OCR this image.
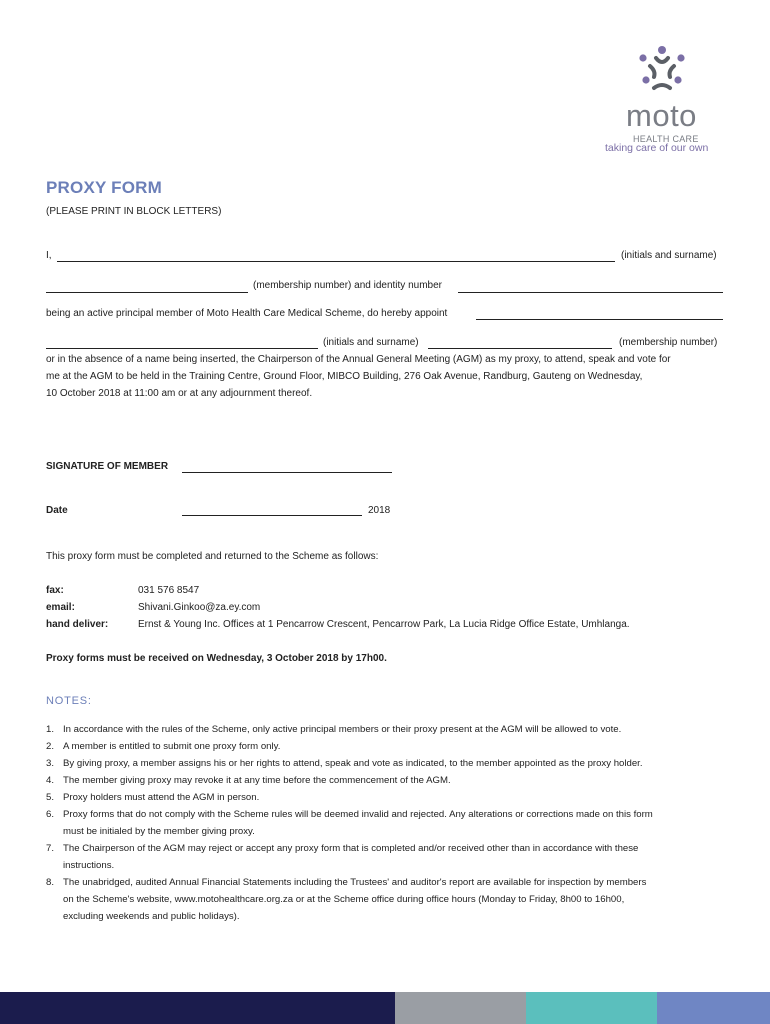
moto
HEALTH CARE
taking care of our own
PROXY FORM
(PLEASE PRINT IN BLOCK LETTERS)
I,	(initials and surname)
(membership number) and identity number
being an active principal member of Moto Health Care Medical Scheme, do hereby appoint
(initials and surname)	(membership number)
or in the absence of a name being inserted, the Chairperson of the Annual General Meeting (AGM) as my proxy, to attend, speak and vote for
me at the AGM to be held in the Training Centre, Ground Floor, MIBCO Building, 276 Oak Avenue, Randburg, Gauteng on Wednesday,
10 October 2018 at 11:00 am or at any adjournment thereof.
SIGNATURE OF MEMBER
Date	2018
This proxy form must be completed and returned to the Scheme as follows:
fax:	031 576 8547
email:	Shivani.Ginkoo@za.ey.com
hand deliver:	Ernst & Young Inc. Offices at 1 Pencarrow Crescent, Pencarrow Park, La Lucia Ridge Office Estate, Umhlanga.
Proxy forms must be received on Wednesday, 3 October 2018 by 17h00.
NOTES:
1. In accordance with the rules of the Scheme, only active principal members or their proxy present at the AGM will be allowed to vote.
2. A member is entitled to submit one proxy form only.
3. By giving proxy, a member assigns his or her rights to attend, speak and vote as indicated, to the member appointed as the proxy holder.
4. The member giving proxy may revoke it at any time before the commencement of the AGM.
5. Proxy holders must attend the AGM in person.
6. Proxy forms that do not comply with the Scheme rules will be deemed invalid and rejected. Any alterations or corrections made on this form
must be initialed by the member giving proxy.
7. The Chairperson of the AGM may reject or accept any proxy form that is completed and/or received other than in accordance with these
instructions.
8. The unabridged, audited Annual Financial Statements including the Trustees' and auditor's report are available for inspection by members
on the Scheme's website, www.motohealthcare.org.za or at the Scheme office during office hours (Monday to Friday, 8h00 to 16h00,
excluding weekends and public holidays).
